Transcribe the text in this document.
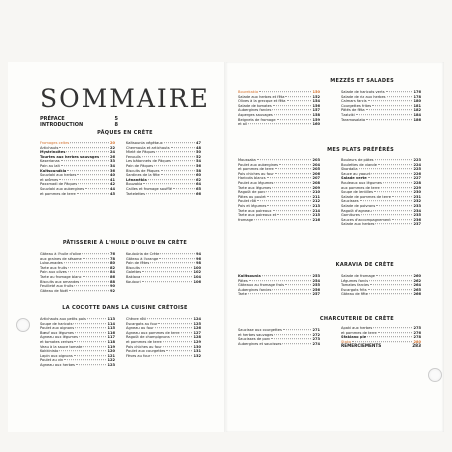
SOMMAIRE
PRÉFACE	5
INTRODUCTION	8
PÂQUES EN CRÈTE
Fromages celtes	20
Artichauts	22
Mystrinoïtes	24
Tourtes aux herbes sauvages	26
Kaserianas	33
Pain au lait	34
Kaltsounákia	36
Souvlaki aux herbes	40
et arômes	41
Paxxmadi de Pâques	42
Souvlaki aux aubergines	44
et pommes de terre	45
Kaltsounia végétaux	47
Chermoula et artichauts	48
Mielé de Pâques	50
Fenouils	52
Les bâtonnets de Pâques	54
Pain de Pâques	56
Biscuits de Pâques	58
Sardines de la fête	60
Lénanékia	62
Bouzakia	64
Cailles et fromage soufflé	65
Tartelettes	66
PÂTISSERIE À L'HUILE D'OLIVE EN CRÈTE
Gâteau à l'huile d'olive	76
aux graines de sésame	78
Lukoumades	80
Tarte aux fruits	82
Pain aux olives	84
Tarte au fromage blanc	86
Biscuits aux amandes	88
Feuilleté aux fruits	90
Gâteau de Noël	92
Kouloúria de Crète	94
Gâteau à l'orange	96
Pain de fêtes	98
Biscuits	100
Galettes	102
Baklava	104
Koulouri	106
LA COCOTTE DANS LA CUISINE CRÉTOISE
Artichauts aux petits pois	113
Soupe de haricots	114
Poulet aux oignons	115
Bœuf aux légumes	116
Agneau aux légumes	117
et tomates cerises	118
Veau à la sauce tomate	119
Kokkinisto	120
Lapin aux oignons	121
Poulet au vin	122
Agneau aux herbes	123
Chèvre rôti	124
Escargots au four	125
Agneau au four	126
Agneau aux pommes de terre	127
Ragoût de champignons	128
et pommes de terre	129
Pois chiches au four	130
Poulet aux courgettes	131
Fèves au four	132
MEZZÉS ET SALADES
Bourekakia	150
Salade aux herbes et fêta	152
Olives à la grecque et fêta	154
Salade de tomates	156
Aubergines farcies	157
Asperges sauvages	158
Beignets de fromage	159
et ail	160
Salade de haricots verts	176
Salade de riz aux herbes	178
Calmars farcis	180
Courgettes frites	181
Pâtés de fêta	182
Tzatziki	184
Taramosalata	186
MES PLATS PRÉFÉRÉS
Moussaka	203
Poulet aux aubergines	204
et pommes de terre	205
Pois chiches au four	206
Haricots blancs	207
Poulet aux légumes	208
Tarte aux légumes	209
Ragoût de porc	210
Pâtes au poulet	211
Poulet rôti	212
Pois et légumes	213
Tarte aux poireaux	214
Tarte aux poireaux et	215
fromage	216
Bouleurs de pâtes	223
Boulettes de viande	224
Skordalia	225
Sauce au yaourt	226
Salade verte	227
Rouleaux aux légumes	228
aux pommes de terre	229
Soupe de lentilles	230
Salade de pommes de terre	231
Saucisses	232
Salade de poivrons	233
Ragoût d'agneau	234
Garnitures	235
Sauces d'accompagnement	236
Salade aux herbes	237
KARAVIA DE CRÈTE
Kalitsounia	253
Pâtes	254
Gâteaux au fromage frais	255
Aubergines farcies	256
Tarte	257
Salade de fromage	260
Légumes farcis	262
Tomates farcies	264
Escargots frits	265
Gâteau de fête	266
CHARCUTERIE DE CRÈTE
Saucisse aux courgettes	271
et herbes sauvages	272
Saucisses de porc	273
Aubergines et saucisses	274
Apaki aux herbes	275
et pommes de terre	276
Sfakiano pie	278
Staka	280
REMERCIEMENTS	283
